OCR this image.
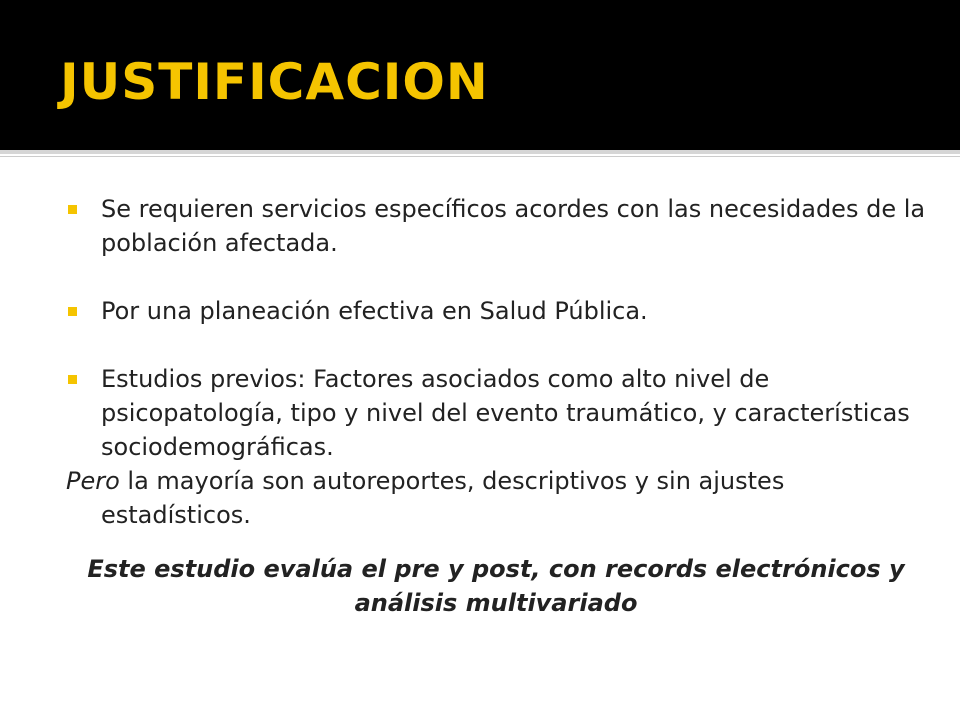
JUSTIFICACION
Se requieren servicios específicos acordes con las necesidades de la población afectada.
Por una planeación efectiva en Salud Pública.
Estudios previos: Factores asociados como alto nivel de psicopatología, tipo y nivel del evento traumático, y características sociodemográficas.

Pero la mayoría son autoreportes, descriptivos y sin ajustes estadísticos.

Este estudio evalúa el pre y post, con records electrónicos y análisis multivariado
